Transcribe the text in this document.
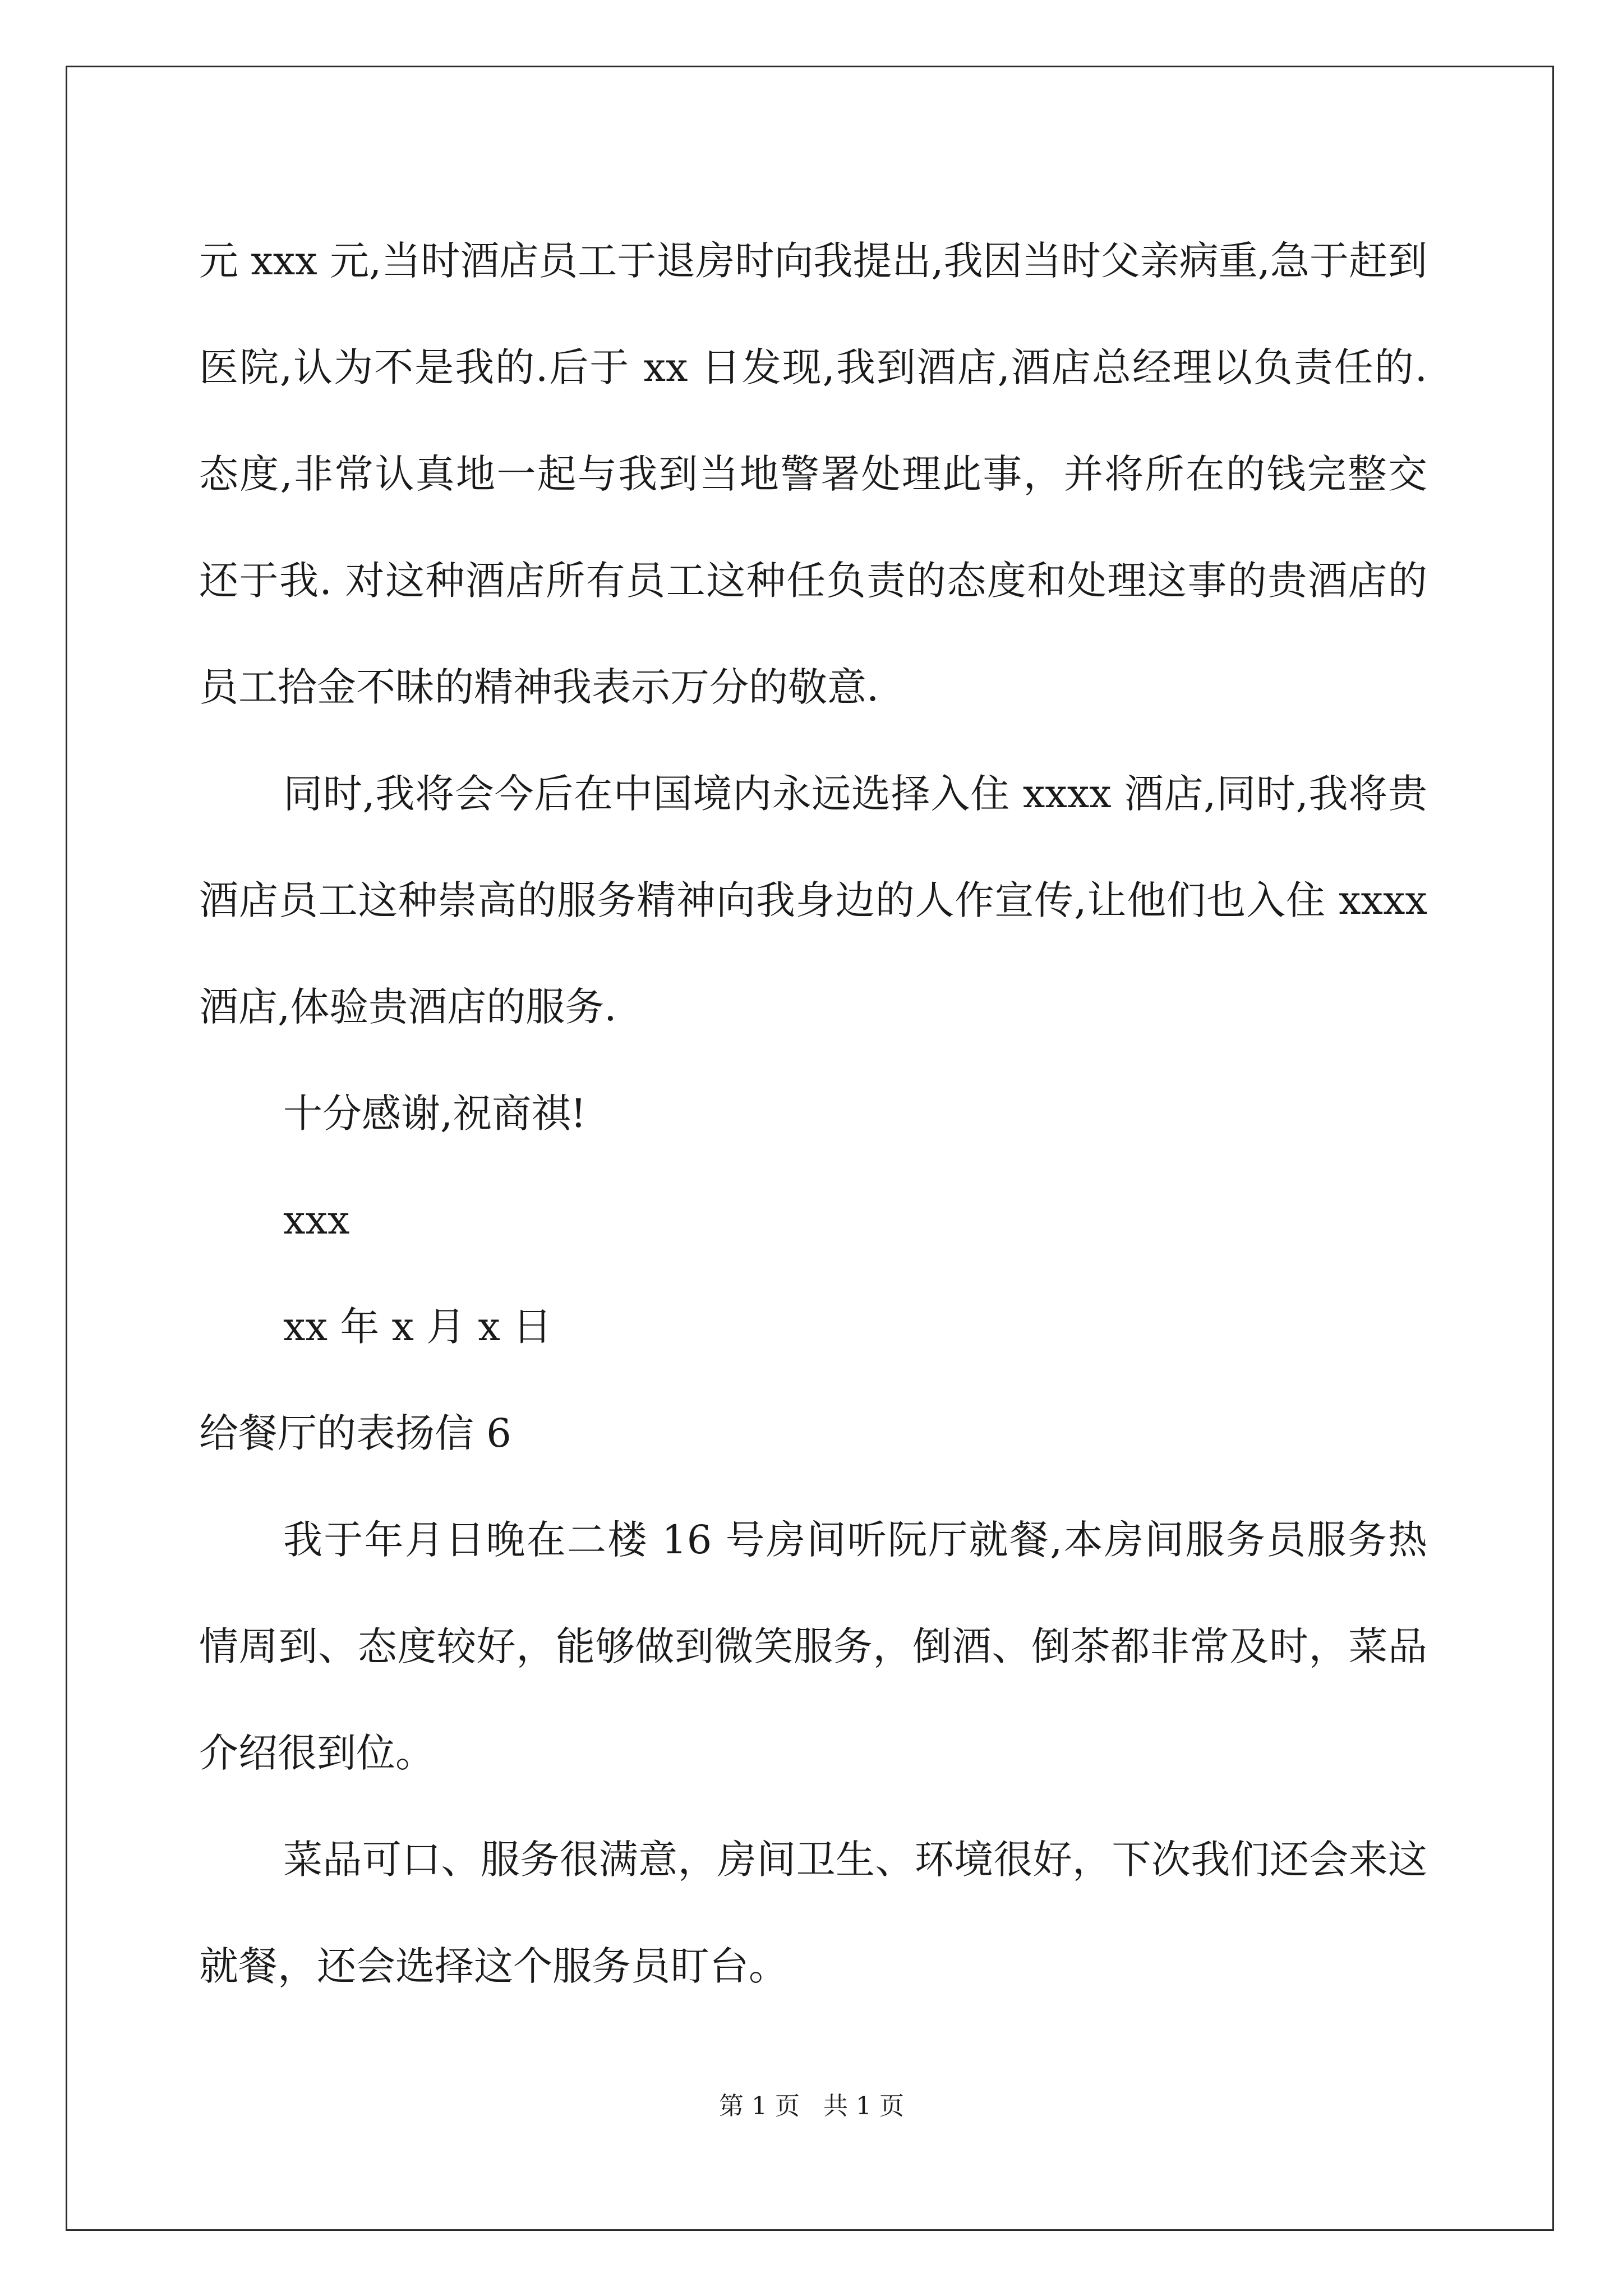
元 xxx 元,当时酒店员工于退房时向我提出,我因当时父亲病重,急于赶到医院,认为不是我的.后于 xx 日发现,我到酒店,酒店总经理以负责任的.态度,非常认真地一起与我到当地警署处理此事，并将所在的钱完整交还于我. 对这种酒店所有员工这种任负责的态度和处理这事的贵酒店的员工拾金不昧的精神我表示万分的敬意.

同时,我将会今后在中国境内永远选择入住 xxxx 酒店,同时,我将贵酒店员工这种崇高的服务精神向我身边的人作宣传,让他们也入住 xxxx 酒店,体验贵酒店的服务.

十分感谢,祝商祺!

xxx

xx 年 x 月 x 日

给餐厅的表扬信 6

我于年月日晚在二楼 16 号房间听阮厅就餐,本房间服务员服务热情周到、态度较好，能够做到微笑服务，倒酒、倒茶都非常及时，菜品介绍很到位。

菜品可口、服务很满意，房间卫生、环境很好，下次我们还会来这就餐，还会选择这个服务员盯台。

第 1 页   共 1 页
